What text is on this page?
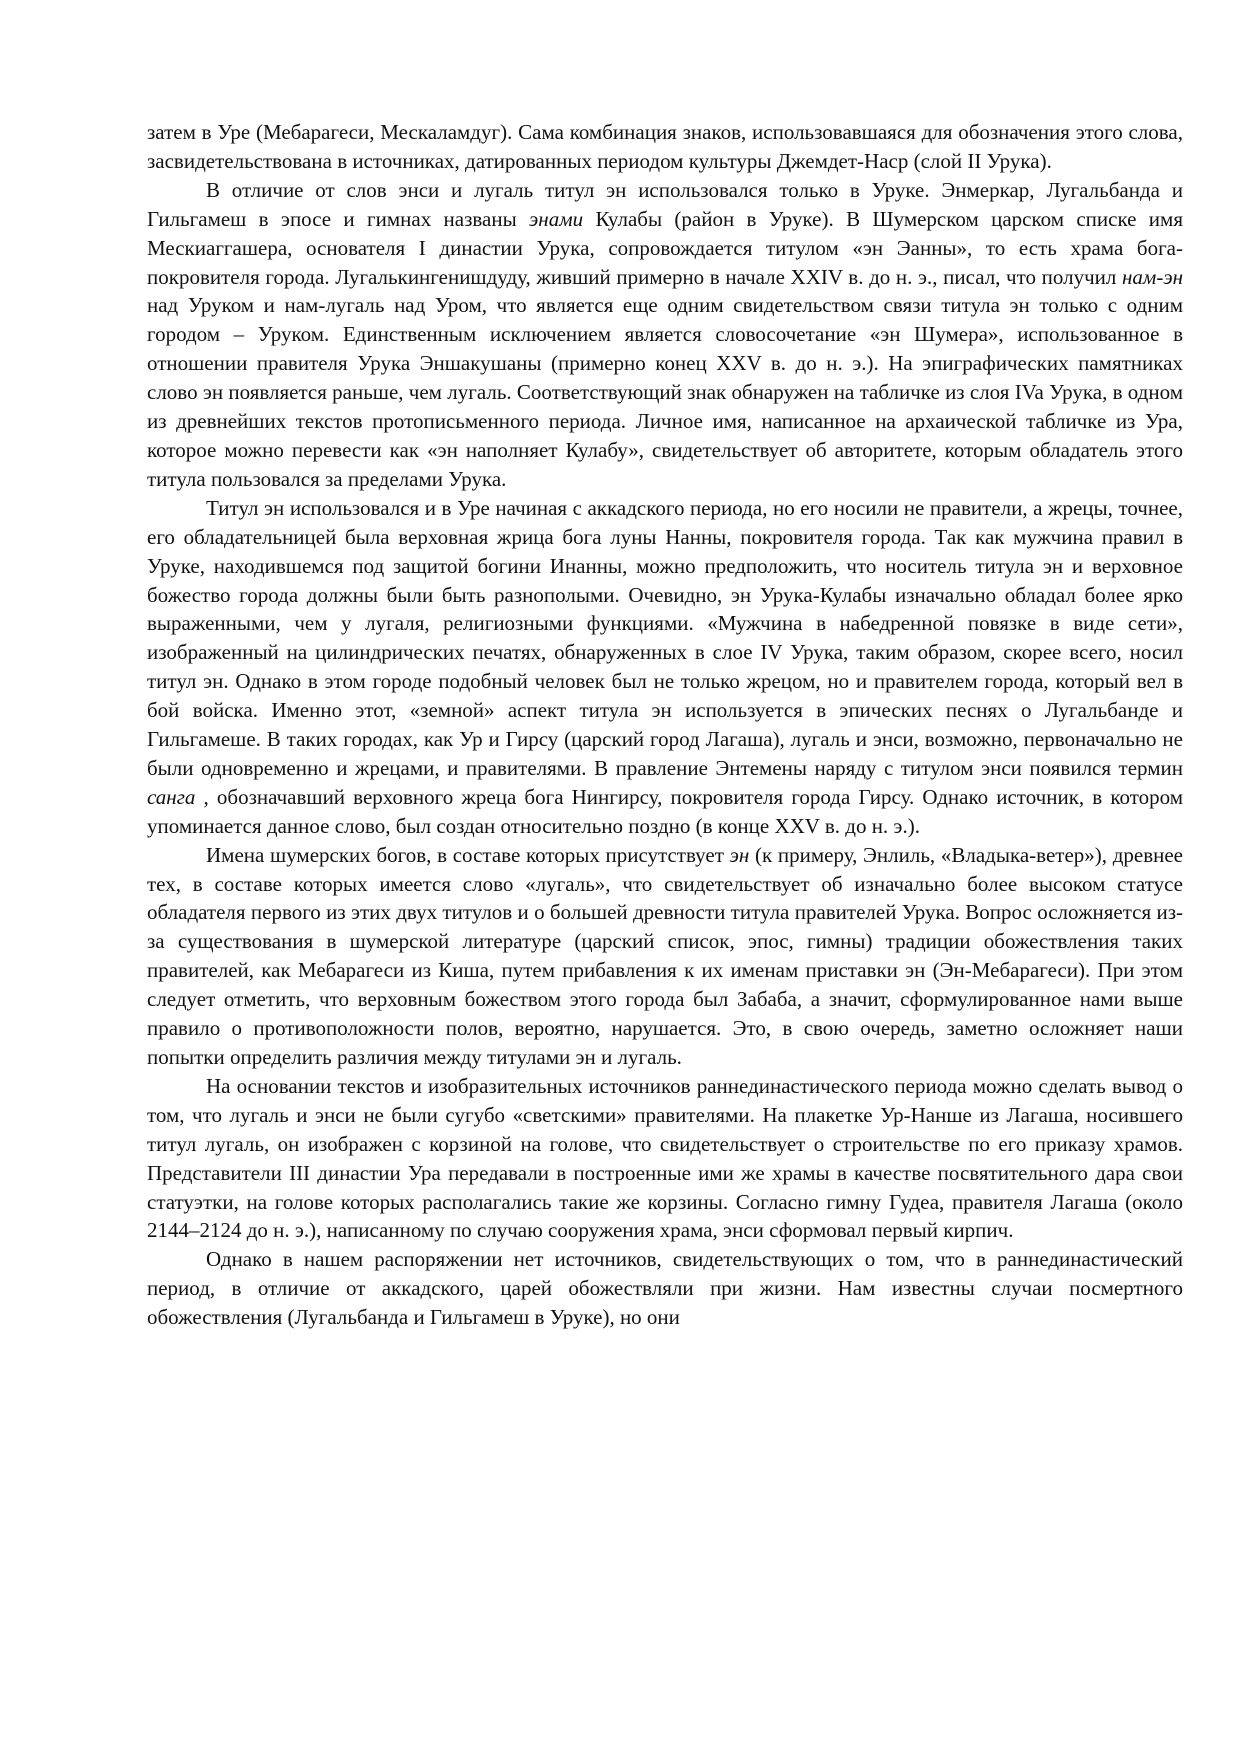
затем в Уре (Мебарагеси, Мескаламдуг). Сама комбинация знаков, использовавшаяся для обозначения этого слова, засвидетельствована в источниках, датированных периодом культуры Джемдет-Наср (слой II Урука).

В отличие от слов энси и лугаль титул эн использовался только в Уруке. Энмеркар, Лугальбанда и Гильгамеш в эпосе и гимнах названы энами Кулабы (район в Уруке). В Шумерском царском списке имя Мескиаггашера, основателя I династии Урука, сопровождается титулом «эн Эанны», то есть храма бога-покровителя города. Лугалькингенишдуду, живший примерно в начале XXIV в. до н. э., писал, что получил нам-эн над Уруком и нам-лугаль над Уром, что является еще одним свидетельством связи титула эн только с одним городом – Уруком. Единственным исключением является словосочетание «эн Шумера», использованное в отношении правителя Урука Эншакушаны (примерно конец XXV в. до н. э.). На эпиграфических памятниках слово эн появляется раньше, чем лугаль. Соответствующий знак обнаружен на табличке из слоя IVa Урука, в одном из древнейших текстов протописьменного периода. Личное имя, написанное на архаической табличке из Ура, которое можно перевести как «эн наполняет Кулабу», свидетельствует об авторитете, которым обладатель этого титула пользовался за пределами Урука.

Титул эн использовался и в Уре начиная с аккадского периода, но его носили не правители, а жрецы, точнее, его обладательницей была верховная жрица бога луны Нанны, покровителя города. Так как мужчина правил в Уруке, находившемся под защитой богини Инанны, можно предположить, что носитель титула эн и верховное божество города должны были быть разнополыми. Очевидно, эн Урука-Кулабы изначально обладал более ярко выраженными, чем у лугаля, религиозными функциями. «Мужчина в набедренной повязке в виде сети», изображенный на цилиндрических печатях, обнаруженных в слое IV Урука, таким образом, скорее всего, носил титул эн. Однако в этом городе подобный человек был не только жрецом, но и правителем города, который вел в бой войска. Именно этот, «земной» аспект титула эн используется в эпических песнях о Лугальбанде и Гильгамеше. В таких городах, как Ур и Гирсу (царский город Лагаша), лугаль и энси, возможно, первоначально не были одновременно и жрецами, и правителями. В правление Энтемены наряду с титулом энси появился термин санга , обозначавший верховного жреца бога Нингирсу, покровителя города Гирсу. Однако источник, в котором упоминается данное слово, был создан относительно поздно (в конце XXV в. до н. э.).

Имена шумерских богов, в составе которых присутствует эн (к примеру, Энлиль, «Владыка-ветер»), древнее тех, в составе которых имеется слово «лугаль», что свидетельствует об изначально более высоком статусе обладателя первого из этих двух титулов и о большей древности титула правителей Урука. Вопрос осложняется из-за существования в шумерской литературе (царский список, эпос, гимны) традиции обожествления таких правителей, как Мебарагеси из Киша, путем прибавления к их именам приставки эн (Эн-Мебарагеси). При этом следует отметить, что верховным божеством этого города был Забаба, а значит, сформулированное нами выше правило о противоположности полов, вероятно, нарушается. Это, в свою очередь, заметно осложняет наши попытки определить различия между титулами эн и лугаль.

На основании текстов и изобразительных источников раннединастического периода можно сделать вывод о том, что лугаль и энси не были сугубо «светскими» правителями. На плакетке Ур-Нанше из Лагаша, носившего титул лугаль, он изображен с корзиной на голове, что свидетельствует о строительстве по его приказу храмов. Представители III династии Ура передавали в построенные ими же храмы в качестве посвятительного дара свои статуэтки, на голове которых располагались такие же корзины. Согласно гимну Гудеа, правителя Лагаша (около 2144–2124 до н. э.), написанному по случаю сооружения храма, энси сформовал первый кирпич.

Однако в нашем распоряжении нет источников, свидетельствующих о том, что в раннединастический период, в отличие от аккадского, царей обожествляли при жизни. Нам известны случаи посмертного обожествления (Лугальбанда и Гильгамеш в Уруке), но они
